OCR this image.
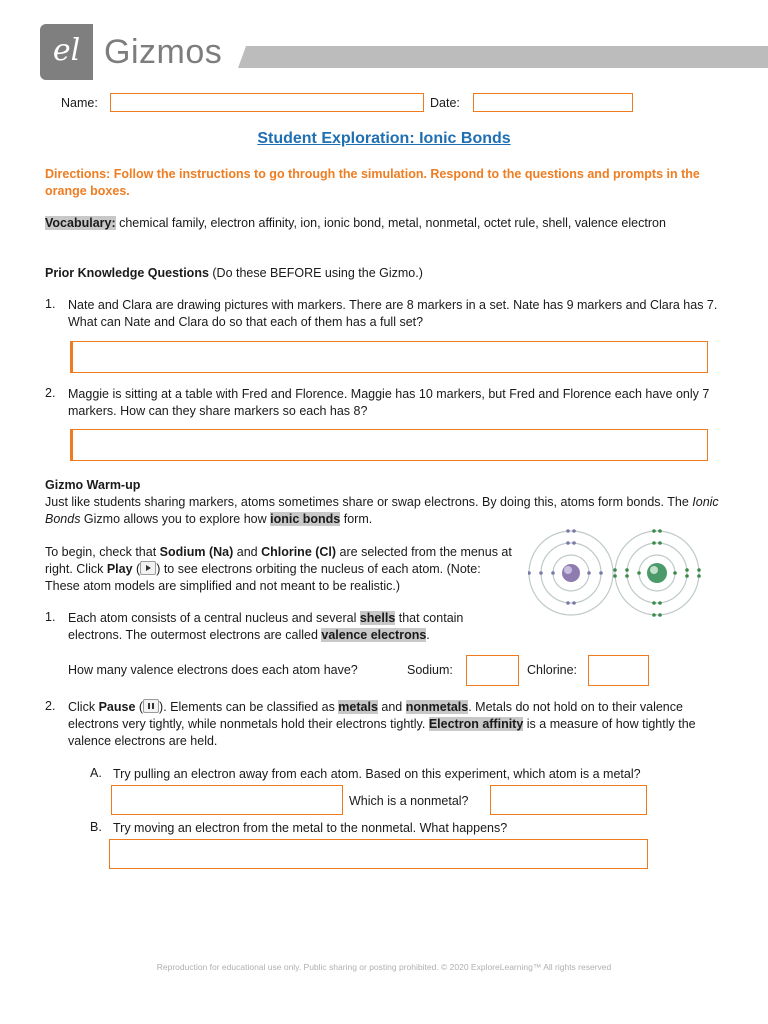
el Gizmos
Name:	Date:
Student Exploration: Ionic Bonds
Directions: Follow the instructions to go through the simulation. Respond to the questions and prompts in the orange boxes.
Vocabulary: chemical family, electron affinity, ion, ionic bond, metal, nonmetal, octet rule, shell, valence electron
Prior Knowledge Questions (Do these BEFORE using the Gizmo.)
1. Nate and Clara are drawing pictures with markers. There are 8 markers in a set. Nate has 9 markers and Clara has 7. What can Nate and Clara do so that each of them has a full set?
2. Maggie is sitting at a table with Fred and Florence. Maggie has 10 markers, but Fred and Florence each have only 7 markers. How can they share markers so each has 8?
Gizmo Warm-up
Just like students sharing markers, atoms sometimes share or swap electrons. By doing this, atoms form bonds. The Ionic Bonds Gizmo allows you to explore how ionic bonds form.
To begin, check that Sodium (Na) and Chlorine (Cl) are selected from the menus at right. Click Play ( ) to see electrons orbiting the nucleus of each atom. (Note: These atom models are simplified and not meant to be realistic.)
1. Each atom consists of a central nucleus and several shells that contain electrons. The outermost electrons are called valence electrons.
How many valence electrons does each atom have?	Sodium:	Chlorine:
2. Click Pause ( ). Elements can be classified as metals and nonmetals. Metals do not hold on to their valence electrons very tightly, while nonmetals hold their electrons tightly. Electron affinity is a measure of how tightly the valence electrons are held.
A. Try pulling an electron away from each atom. Based on this experiment, which atom is a metal?
Which is a nonmetal?
B. Try moving an electron from the metal to the nonmetal. What happens?
Reproduction for educational use only. Public sharing or posting prohibited. © 2020 ExploreLearning™ All rights reserved
